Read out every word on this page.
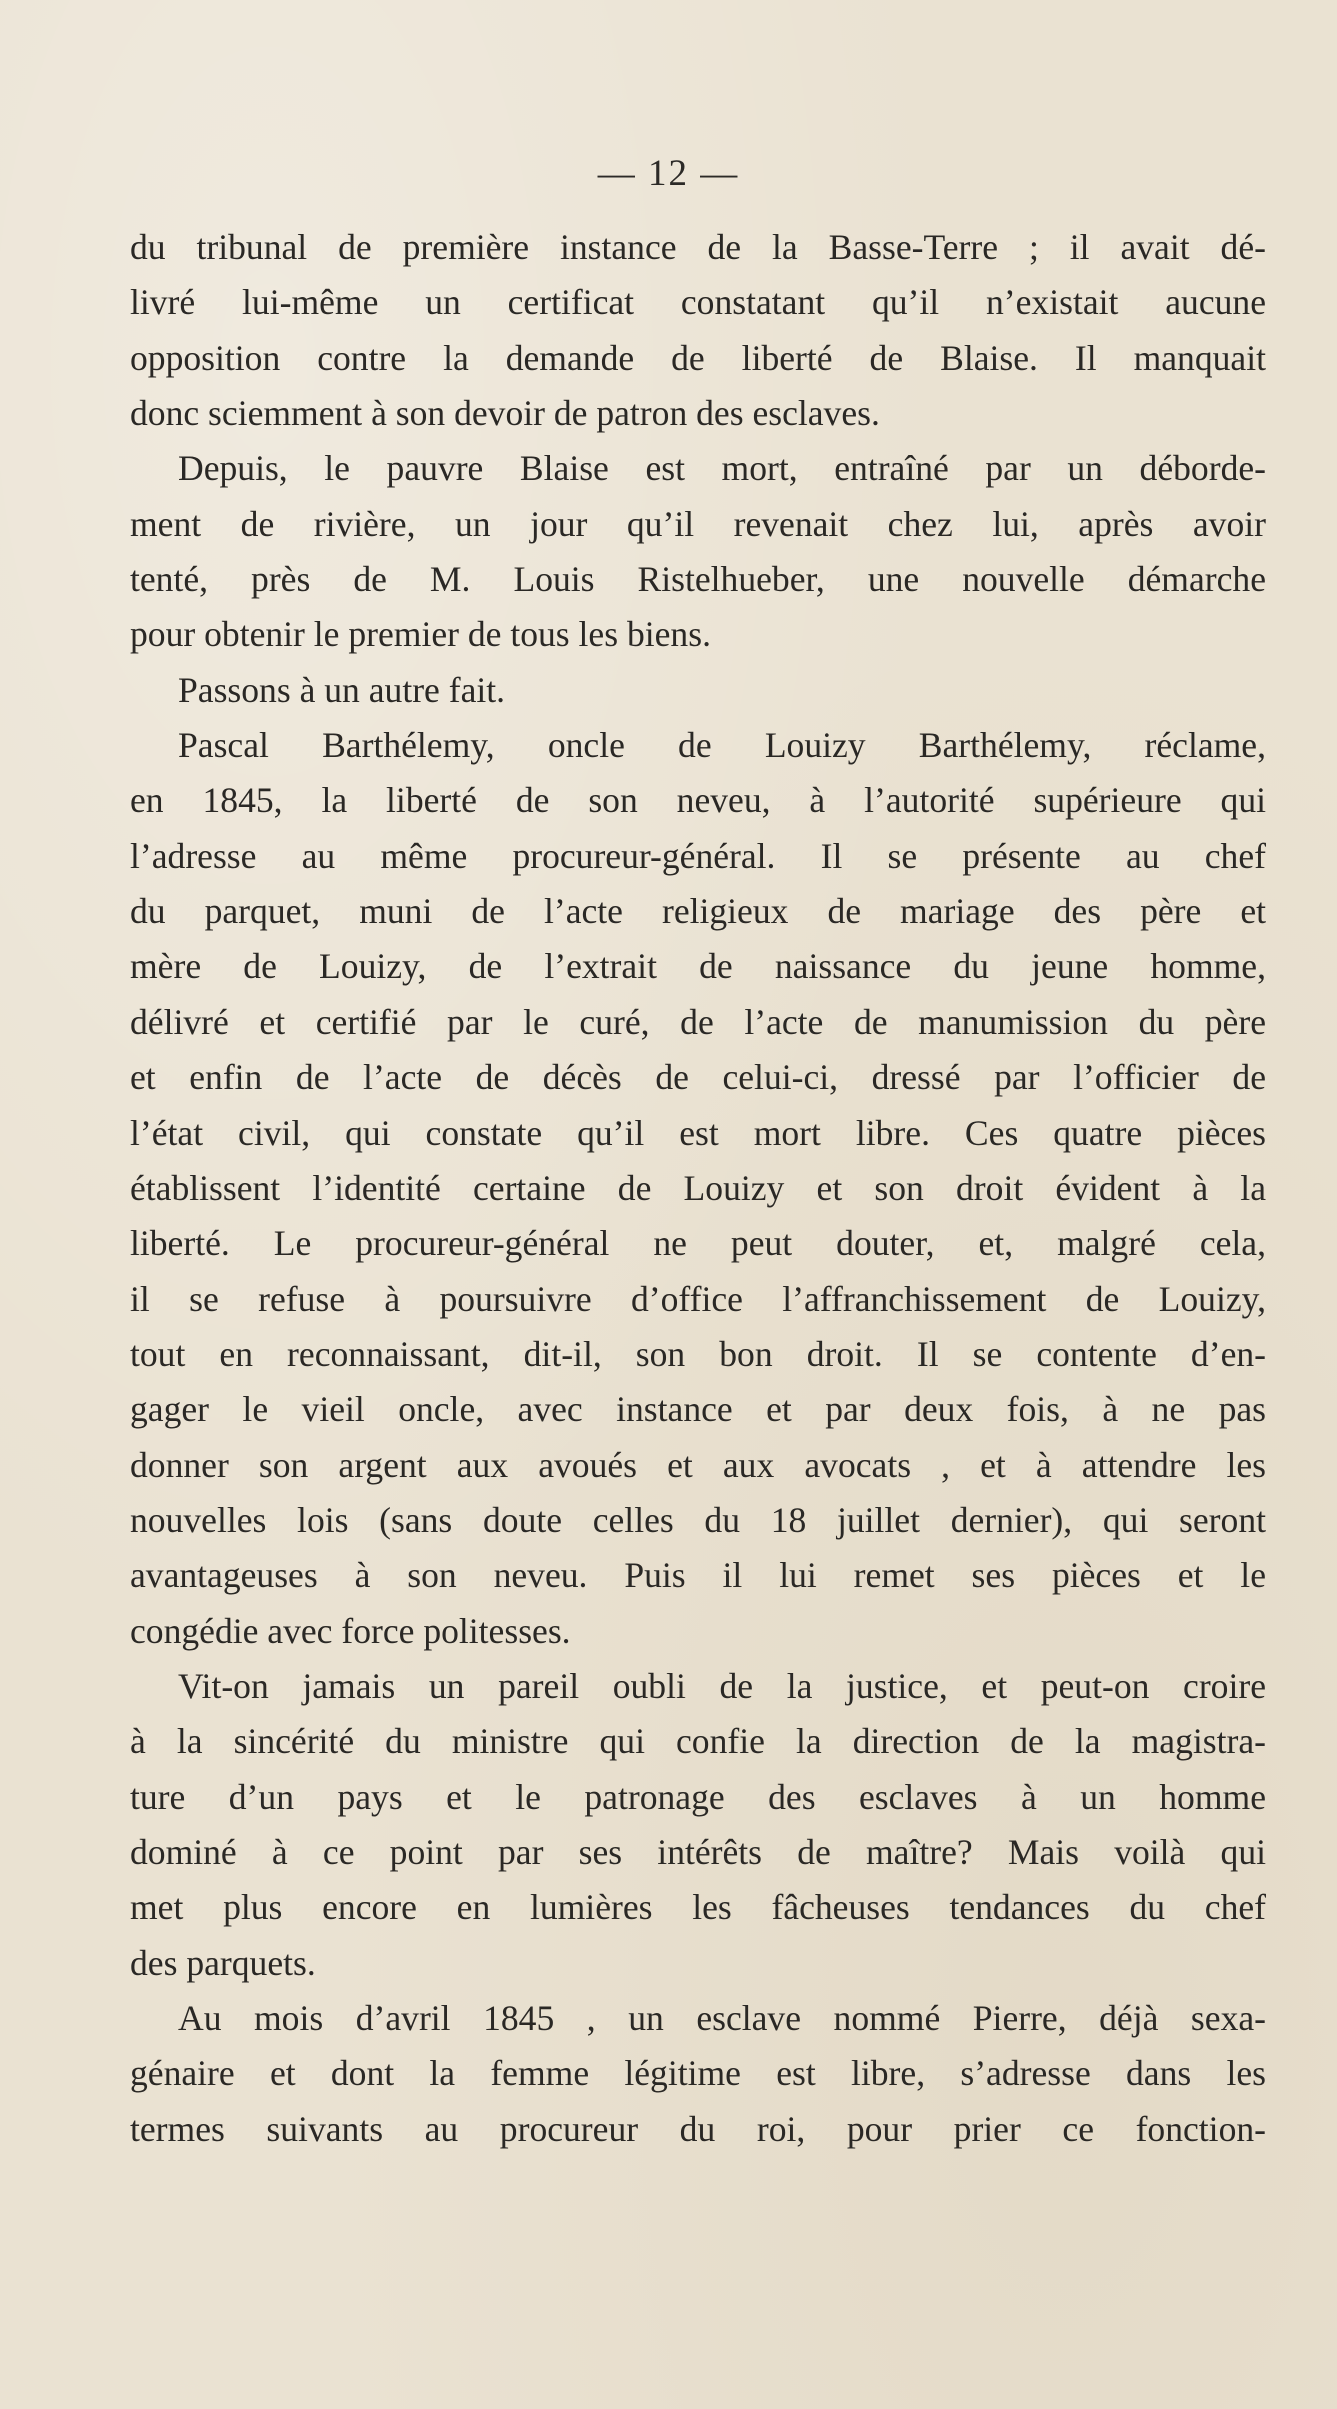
— 12 —
du tribunal de première instance de la Basse-Terre ; il avait dé-
livré lui-même un certificat constatant qu’il n’existait aucune
opposition contre la demande de liberté de Blaise. Il manquait
donc sciemment à son devoir de patron des esclaves.
Depuis, le pauvre Blaise est mort, entraîné par un déborde-
ment de rivière, un jour qu’il revenait chez lui, après avoir
tenté, près de M. Louis Ristelhueber, une nouvelle démarche
pour obtenir le premier de tous les biens.
Passons à un autre fait.
Pascal Barthélemy, oncle de Louizy Barthélemy, réclame,
en 1845, la liberté de son neveu, à l’autorité supérieure qui
l’adresse au même procureur-général. Il se présente au chef
du parquet, muni de l’acte religieux de mariage des père et
mère de Louizy, de l’extrait de naissance du jeune homme,
délivré et certifié par le curé, de l’acte de manumission du père
et enfin de l’acte de décès de celui-ci, dressé par l’officier de
l’état civil, qui constate qu’il est mort libre. Ces quatre pièces
établissent l’identité certaine de Louizy et son droit évident à la
liberté. Le procureur-général ne peut douter, et, malgré cela,
il se refuse à poursuivre d’office l’affranchissement de Louizy,
tout en reconnaissant, dit-il, son bon droit. Il se contente d’en-
gager le vieil oncle, avec instance et par deux fois, à ne pas
donner son argent aux avoués et aux avocats , et à attendre les
nouvelles lois (sans doute celles du 18 juillet dernier), qui seront
avantageuses à son neveu. Puis il lui remet ses pièces et le
congédie avec force politesses.
Vit-on jamais un pareil oubli de la justice, et peut-on croire
à la sincérité du ministre qui confie la direction de la magistra-
ture d’un pays et le patronage des esclaves à un homme
dominé à ce point par ses intérêts de maître? Mais voilà qui
met plus encore en lumières les fâcheuses tendances du chef
des parquets.
Au mois d’avril 1845 , un esclave nommé Pierre, déjà sexa-
génaire et dont la femme légitime est libre, s’adresse dans les
termes suivants au procureur du roi, pour prier ce fonction-
